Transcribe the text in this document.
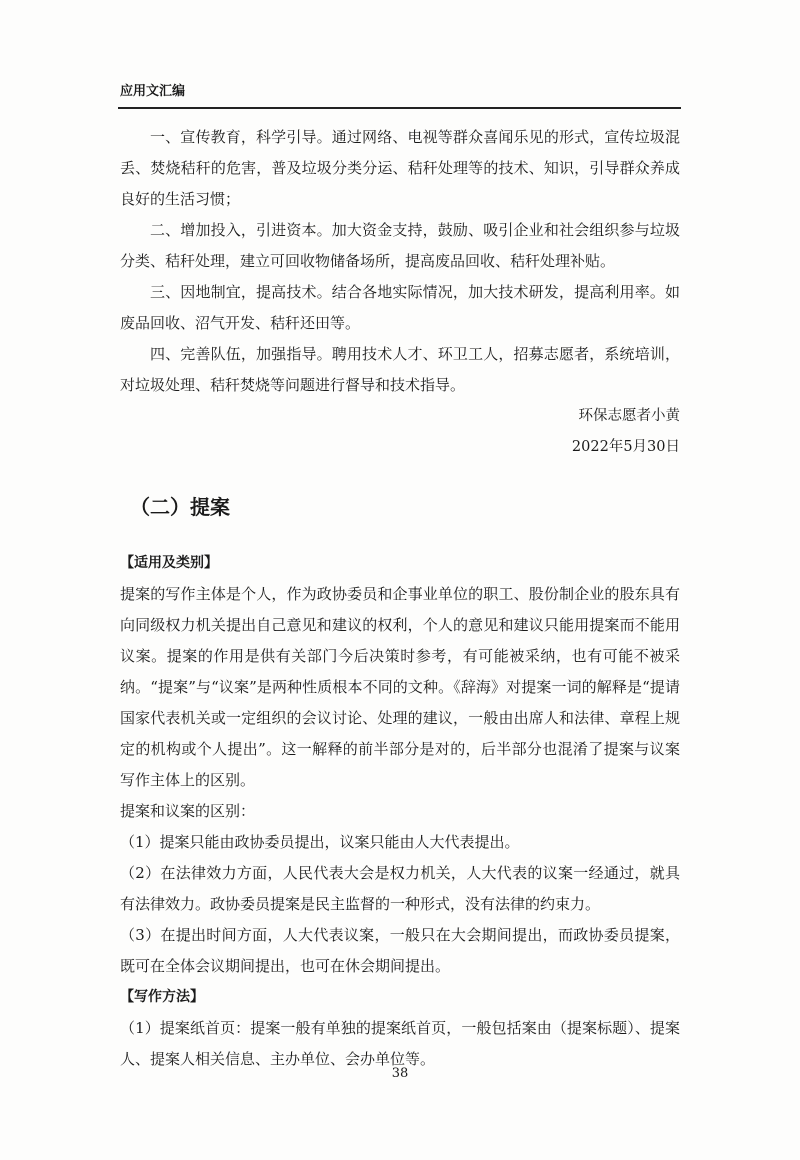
应用文汇编

一、宣传教育，科学引导。通过网络、电视等群众喜闻乐见的形式，宣传垃圾混丢、焚烧秸秆的危害，普及垃圾分类分运、秸秆处理等的技术、知识，引导群众养成良好的生活习惯；

二、增加投入，引进资本。加大资金支持，鼓励、吸引企业和社会组织参与垃圾分类、秸秆处理，建立可回收物储备场所，提高废品回收、秸秆处理补贴。

三、因地制宜，提高技术。结合各地实际情况，加大技术研发，提高利用率。如废品回收、沼气开发、秸秆还田等。

四、完善队伍，加强指导。聘用技术人才、环卫工人，招募志愿者，系统培训，对垃圾处理、秸秆焚烧等问题进行督导和技术指导。

环保志愿者小黄

2022年5月30日

（二）提案

【适用及类别】

提案的写作主体是个人，作为政协委员和企事业单位的职工、股份制企业的股东具有向同级权力机关提出自己意见和建议的权利，个人的意见和建议只能用提案而不能用议案。提案的作用是供有关部门今后决策时参考，有可能被采纳，也有可能不被采纳。“提案”与“议案”是两种性质根本不同的文种。《辞海》对提案一词的解释是“提请国家代表机关或一定组织的会议讨论、处理的建议，一般由出席人和法律、章程上规定的机构或个人提出”。这一解释的前半部分是对的，后半部分也混淆了提案与议案写作主体上的区别。

提案和议案的区别：

（1）提案只能由政协委员提出，议案只能由人大代表提出。

（2）在法律效力方面，人民代表大会是权力机关，人大代表的议案一经通过，就具有法律效力。政协委员提案是民主监督的一种形式，没有法律的约束力。

（3）在提出时间方面，人大代表议案，一般只在大会期间提出，而政协委员提案，既可在全体会议期间提出，也可在休会期间提出。

【写作方法】

（1）提案纸首页：提案一般有单独的提案纸首页，一般包括案由（提案标题）、提案人、提案人相关信息、主办单位、会办单位等。

38
